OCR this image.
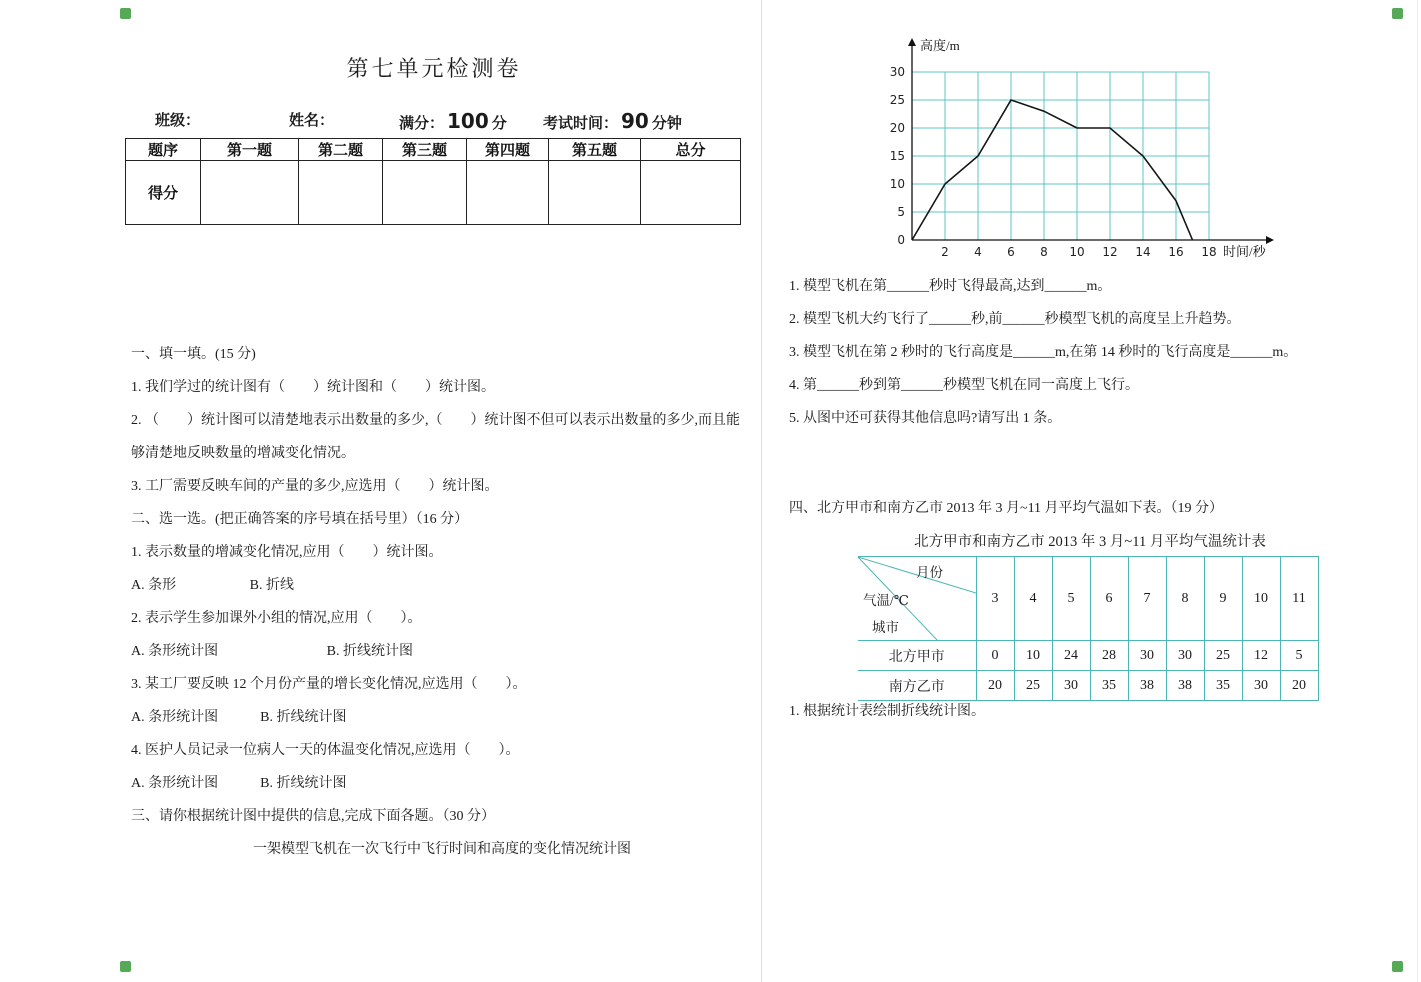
第七单元检测卷
班级：	姓名：	满分： 100 分 考试时间： 90 分钟
题序	第一题	第二题	第三题	第四题	第五题	总分
得分						

一、填一填。(15 分)

1. 我们学过的统计图有（　　）统计图和（　　）统计图。

2. （　　）统计图可以清楚地表示出数量的多少,（　　）统计图不但可以表示出数量的多少,而且能

够清楚地反映数量的增减变化情况。

3. 工厂需要反映车间的产量的多少,应选用（　　）统计图。

二、选一选。(把正确答案的序号填在括号里）（16 分）

1. 表示数量的增减变化情况,应用（　　）统计图。

A. 条形                     B. 折线

2. 表示学生参加课外小组的情况,应用（　　）。

A. 条形统计图                               B. 折线统计图

3. 某工厂要反映 12 个月份产量的增长变化情况,应选用（　　）。

A. 条形统计图            B. 折线统计图

4. 医护人员记录一位病人一天的体温变化情况,应选用（　　）。

A. 条形统计图            B. 折线统计图

三、请你根据统计图中提供的信息,完成下面各题。（30 分）

一架模型飞机在一次飞行中飞行时间和高度的变化情况统计图

2 4 6 8 10 12 14 16 18
0
5
10
15
20
25
30
高度/m
时间/秒

1. 模型飞机在第______秒时飞得最高,达到______m。

2. 模型飞机大约飞行了______秒,前______秒模型飞机的高度呈上升趋势。

3. 模型飞机在第 2 秒时的飞行高度是______m,在第 14 秒时的飞行高度是______m。

4. 第______秒到第______秒模型飞机在同一高度上飞行。

5. 从图中还可获得其他信息吗?请写出 1 条。

四、北方甲市和南方乙市 2013 年 3 月~11 月平均气温如下表。（19 分）

北方甲市和南方乙市 2013 年 3 月~11 月平均气温统计表

月份
气温/℃
城市	3	4	5	6	7	8	9	10	11
北方甲市	0	10	24	28	30	30	25	12	5
南方乙市	20	25	30	35	38	38	35	30	20

1. 根据统计表绘制折线统计图。
